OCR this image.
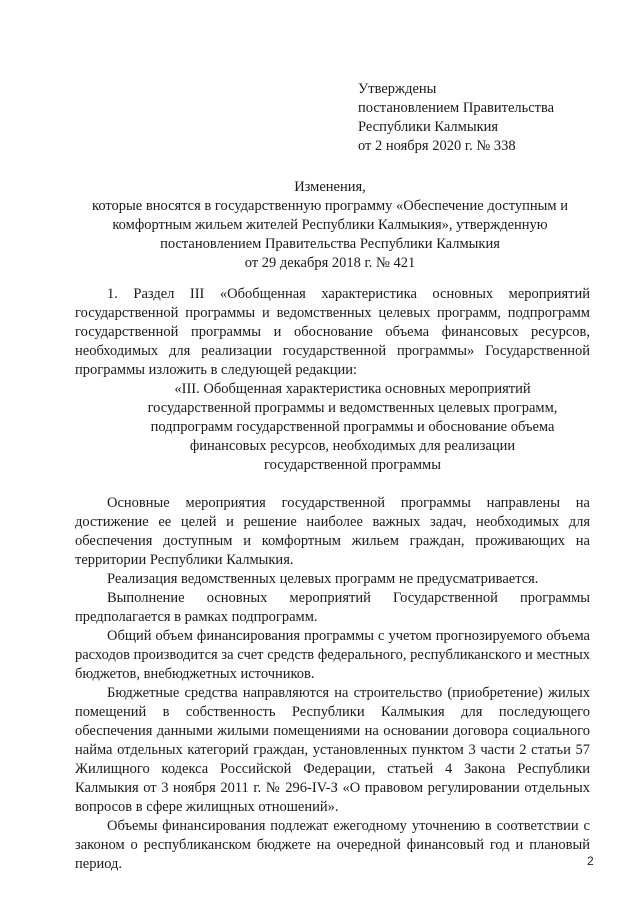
Утверждены
постановлением Правительства
Республики Калмыкия
от 2 ноября 2020 г. № 338
Изменения,
которые вносятся в государственную программу «Обеспечение доступным и
комфортным жильем жителей Республики Калмыкия», утвержденную
постановлением Правительства Республики Калмыкия
от 29 декабря 2018 г. № 421

1. Раздел III «Обобщенная характеристика основных мероприятий государственной программы и ведомственных целевых программ, подпрограмм государственной программы и обоснование объема финансовых ресурсов, необходимых для реализации государственной программы» Государственной программы изложить в следующей редакции:

«III. Обобщенная характеристика основных мероприятий
государственной программы и ведомственных целевых программ,
подпрограмм государственной программы и обоснование объема
финансовых ресурсов, необходимых для реализации
государственной программы

Основные мероприятия государственной программы направлены на достижение ее целей и решение наиболее важных задач, необходимых для обеспечения доступным и комфортным жильем граждан, проживающих на территории Республики Калмыкия.

Реализация ведомственных целевых программ не предусматривается.

Выполнение основных мероприятий Государственной программы предполагается в рамках подпрограмм.

Общий объем финансирования программы с учетом прогнозируемого объема расходов производится за счет средств федерального, республиканского и местных бюджетов, внебюджетных источников.

Бюджетные средства направляются на строительство (приобретение) жилых помещений в собственность Республики Калмыкия для последующего обеспечения данными жилыми помещениями на основании договора социального найма отдельных категорий граждан, установленных пунктом 3 части 2 статьи 57 Жилищного кодекса Российской Федерации, статьей 4 Закона Республики Калмыкия от 3 ноября 2011 г. № 296-IV-З «О правовом регулировании отдельных вопросов в сфере жилищных отношений».

Объемы финансирования подлежат ежегодному уточнению в соответствии с законом о республиканском бюджете на очередной финансовый год и плановый период.	2
